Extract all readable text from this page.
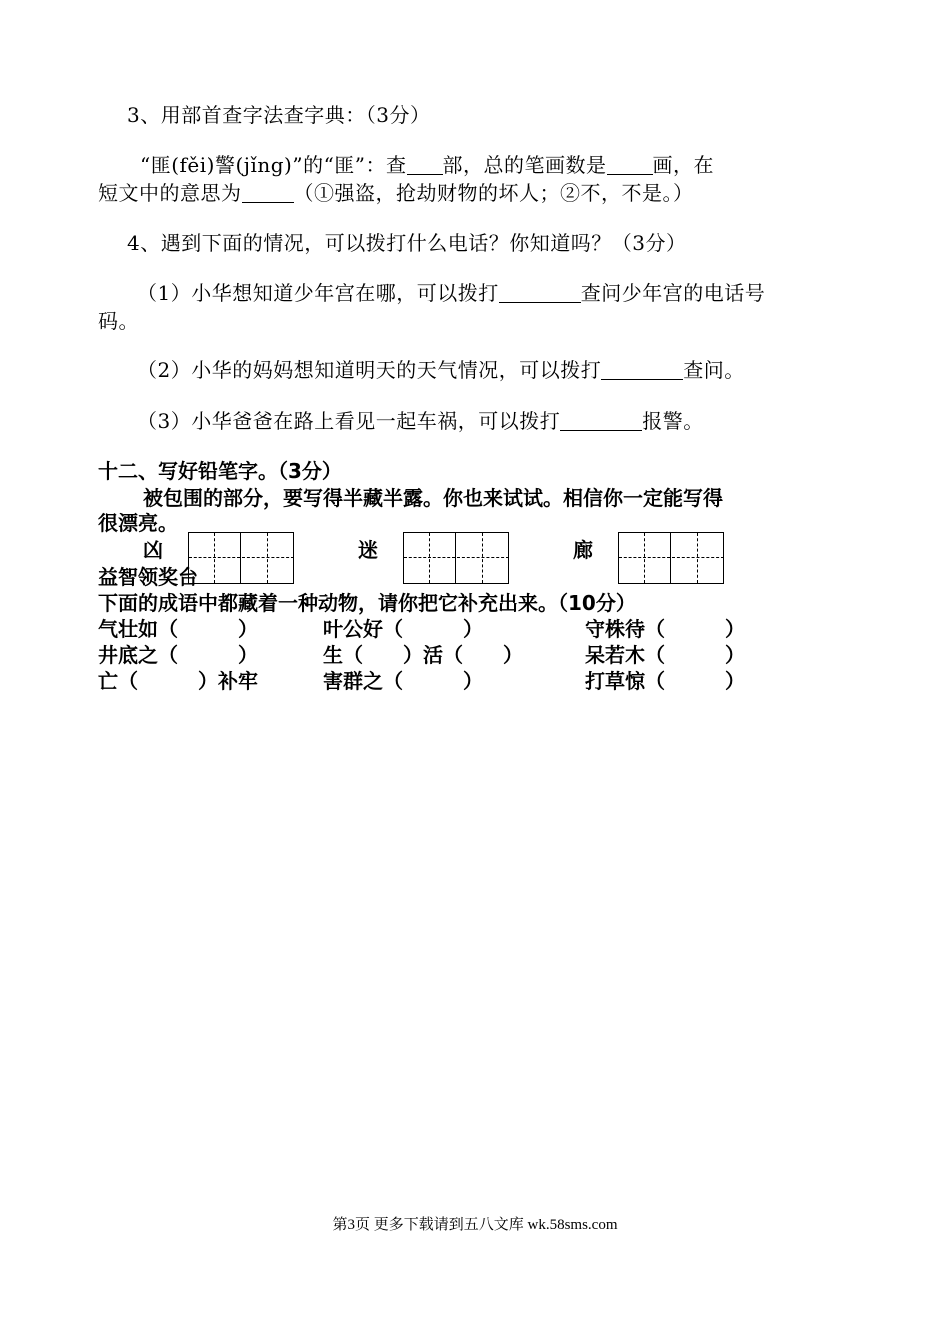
3、用部首查字法查字典：（3分）
“匪(fěi)警(jǐng)”的“匪”：查 部，总的笔画数是 画，在
短文中的意思为	（①强盗，抢劫财物的坏人；②不，不是。）
4、遇到下面的情况，可以拨打什么电话？你知道吗？（3分）
（1）小华想知道少年宫在哪，可以拨打	查问少年宫的电话号
码。
（2）小华的妈妈想知道明天的天气情况，可以拨打	查问。
（3）小华爸爸在路上看见一起车祸，可以拨打	报警。
十二、写好铅笔字。（3分）
被包围的部分，要写得半藏半露。你也来试试。相信你一定能写得
很漂亮。
凶	迷	廊
益智领奖台
下面的成语中都藏着一种动物，请你把它补充出来。（10分）
气壮如（　　　）	叶公好（　　　）	守株待（　　　）
井底之（　　　）	生（　　）活（　　）	呆若木（　　　）
亡（　　　）补牢	害群之（　　　）	打草惊（　　　）
第3页 更多下载请到五八文库 wk.58sms.com
